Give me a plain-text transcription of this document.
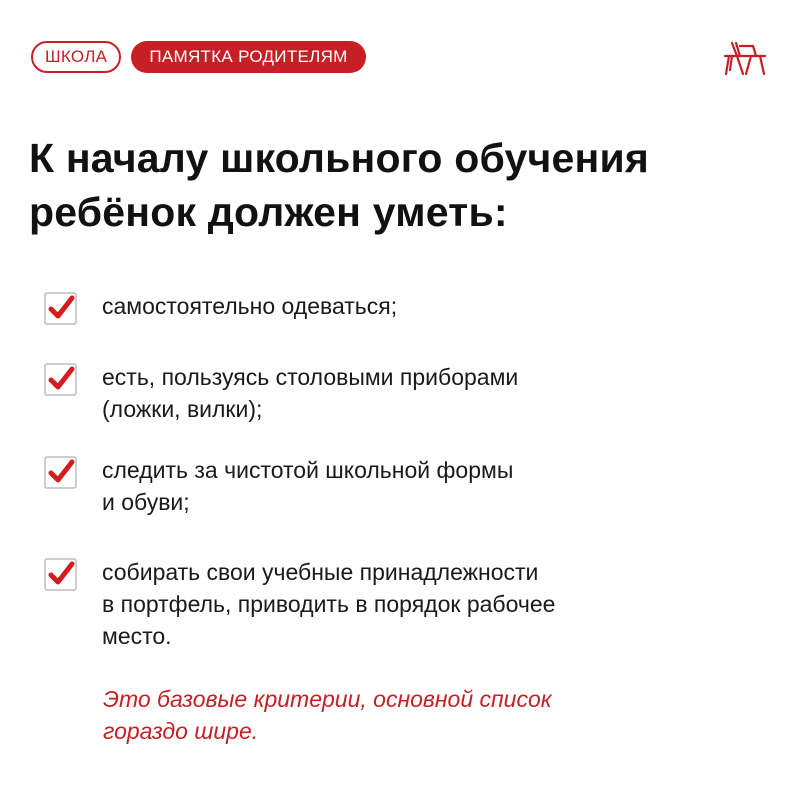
ШКОЛА	ПАМЯТКА РОДИТЕЛЯМ
К началу школьного обучения
ребёнок должен уметь:
самостоятельно одеваться;
есть, пользуясь столовыми приборами
(ложки, вилки);
следить за чистотой школьной формы
и обуви;
собирать свои учебные принадлежности
в портфель, приводить в порядок рабочее
место.
Это базовые критерии, основной список
гораздо шире.
